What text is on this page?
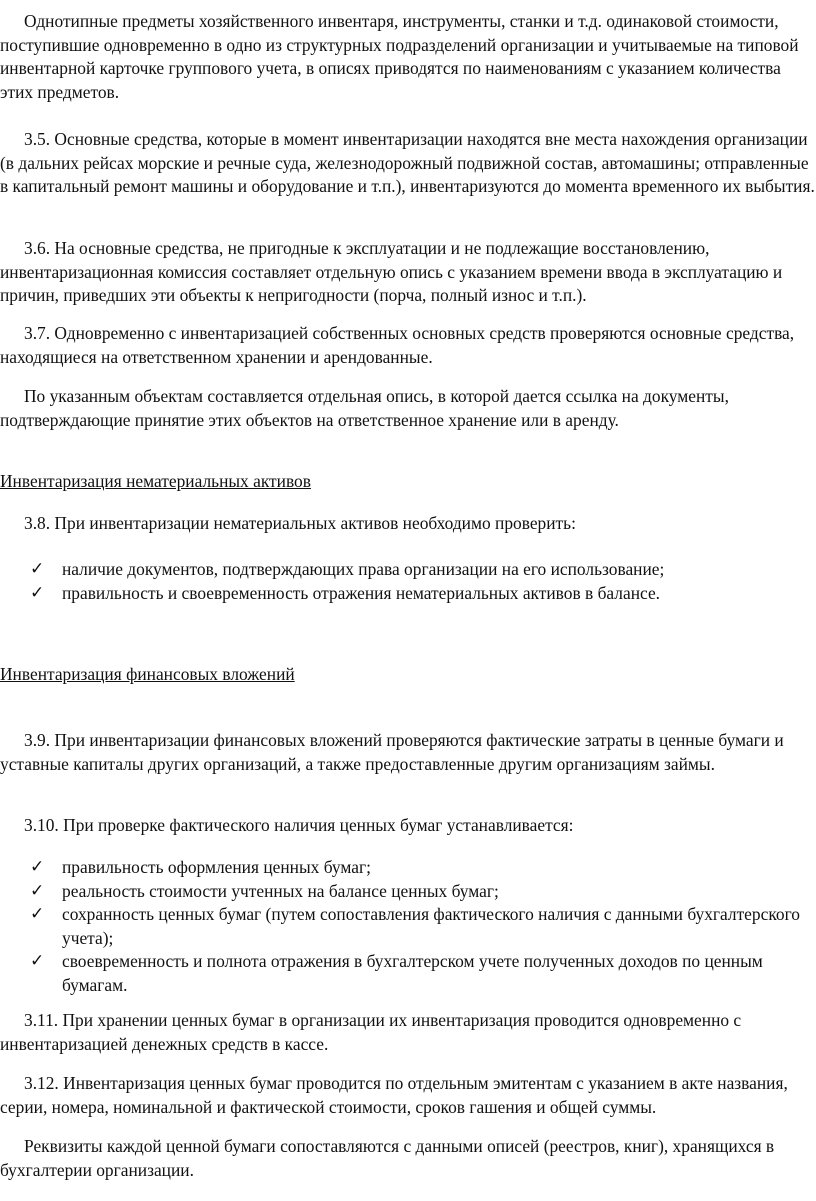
Однотипные предметы хозяйственного инвентаря, инструменты, станки и т.д. одинаковой стоимости, поступившие одновременно в одно из структурных подразделений организации и учитываемые на типовой инвентарной карточке группового учета, в описях приводятся по наименованиям с указанием количества этих предметов.

3.5. Основные средства, которые в момент инвентаризации находятся вне места нахождения организации (в дальних рейсах морские и речные суда, железнодорожный подвижной состав, автомашины; отправленные в капитальный ремонт машины и оборудование и т.п.), инвентаризуются до момента временного их выбытия.

3.6. На основные средства, не пригодные к эксплуатации и не подлежащие восстановлению, инвентаризационная комиссия составляет отдельную опись с указанием времени ввода в эксплуатацию и причин, приведших эти объекты к непригодности (порча, полный износ и т.п.).

3.7. Одновременно с инвентаризацией собственных основных средств проверяются основные средства, находящиеся на ответственном хранении и арендованные.

По указанным объектам составляется отдельная опись, в которой дается ссылка на документы, подтверждающие принятие этих объектов на ответственное хранение или в аренду.

Инвентаризация нематериальных активов

3.8. При инвентаризации нематериальных активов необходимо проверить:

✓ наличие документов, подтверждающих права организации на его использование;
✓ правильность и своевременность отражения нематериальных активов в балансе.

Инвентаризация финансовых вложений

3.9. При инвентаризации финансовых вложений проверяются фактические затраты в ценные бумаги и уставные капиталы других организаций, а также предоставленные другим организациям займы.

3.10. При проверке фактического наличия ценных бумаг устанавливается:

✓ правильность оформления ценных бумаг;
✓ реальность стоимости учтенных на балансе ценных бумаг;
✓ сохранность ценных бумаг (путем сопоставления фактического наличия с данными бухгалтерского учета);
✓ своевременность и полнота отражения в бухгалтерском учете полученных доходов по ценным бумагам.

3.11. При хранении ценных бумаг в организации их инвентаризация проводится одновременно с инвентаризацией денежных средств в кассе.

3.12. Инвентаризация ценных бумаг проводится по отдельным эмитентам с указанием в акте названия, серии, номера, номинальной и фактической стоимости, сроков гашения и общей суммы.

Реквизиты каждой ценной бумаги сопоставляются с данными описей (реестров, книг), хранящихся в бухгалтерии организации.
